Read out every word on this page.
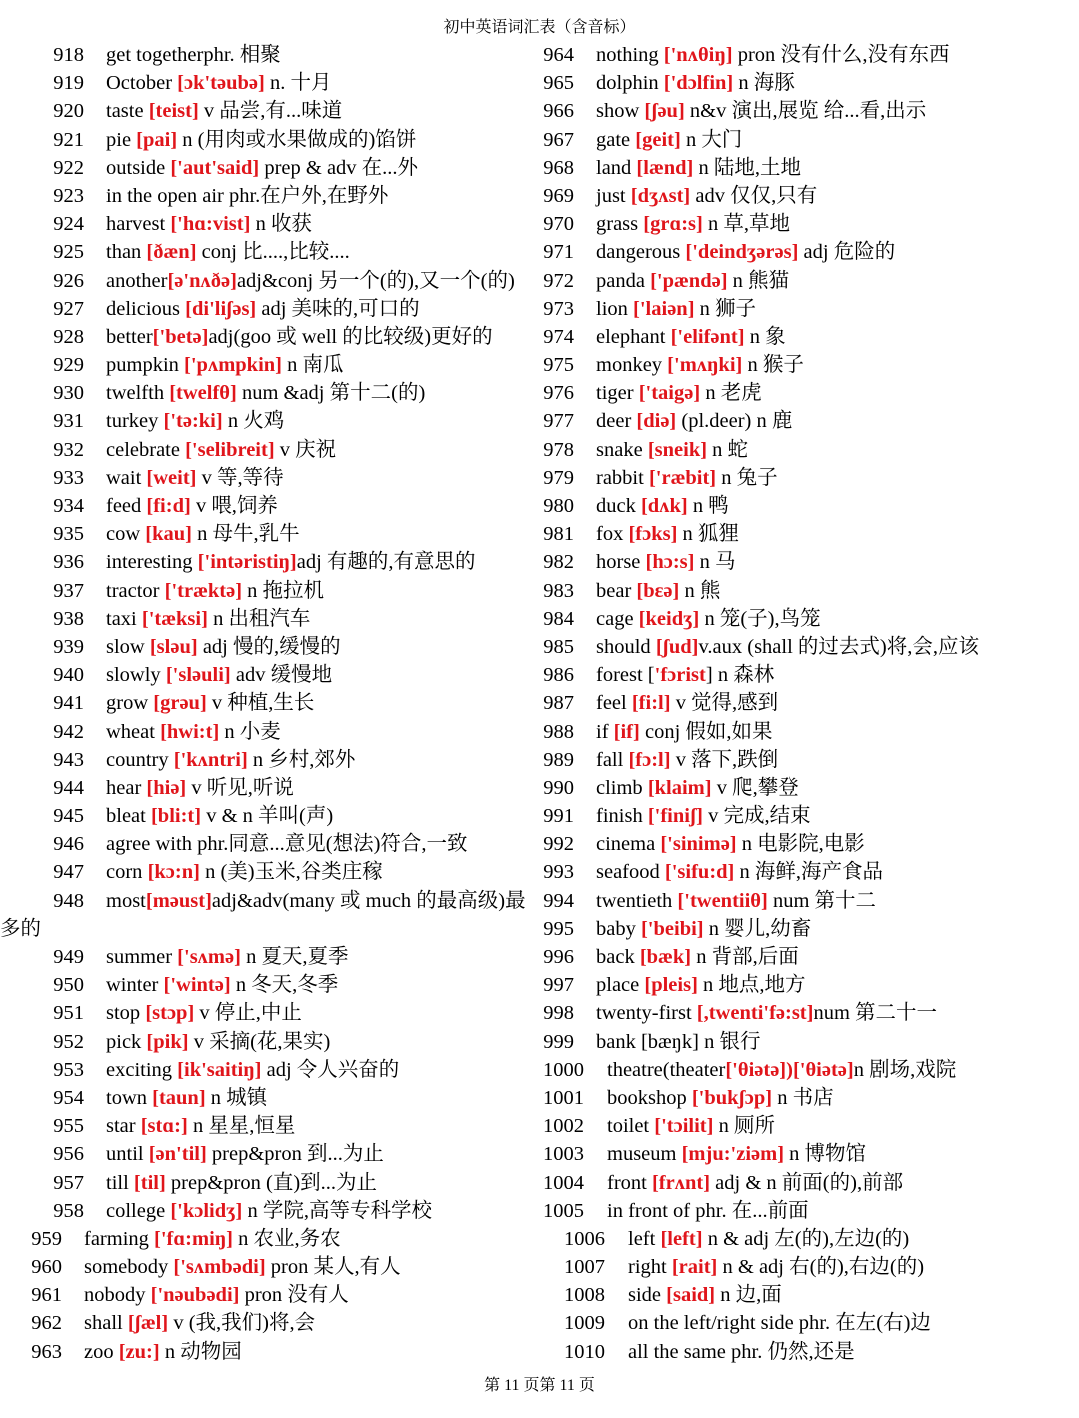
初中英语词汇表（含音标）
918 get togetherphr. 相聚
919 October [ɔk'təubə] n. 十月
920 taste [teist] v 品尝,有...味道
921 pie [pai] n (用肉或水果做成的)馅饼
922 outside ['aut'said] prep & adv 在...外
923 in the open air phr.在户外,在野外
924 harvest ['hɑ:vist] n 收获
925 than [ðæn] conj 比....,比较....
926 another[ə'nʌðə]adj&conj 另一个(的),又一个(的)
927 delicious [di'liʃəs] adj 美味的,可口的
928 better['betə]adj(goo 或 well 的比较级)更好的
929 pumpkin ['pʌmpkin] n 南瓜
930 twelfth [twelfθ] num &adj 第十二(的)
931 turkey ['tə:ki] n 火鸡
932 celebrate ['selibreit] v 庆祝
933 wait [weit] v 等,等待
934 feed [fi:d] v 喂,饲养
935 cow [kau] n 母牛,乳牛
936 interesting ['intəristiŋ]adj 有趣的,有意思的
937 tractor ['træktə] n 拖拉机
938 taxi ['tæksi] n 出租汽车
939 slow [sləu] adj 慢的,缓慢的
940 slowly ['sləuli] adv 缓慢地
941 grow [grəu] v 种植,生长
942 wheat [hwi:t] n 小麦
943 country ['kʌntri] n 乡村,郊外
944 hear [hiə] v 听见,听说
945 bleat [bli:t] v & n 羊叫(声)
946 agree with phr.同意...意见(想法)符合,一致
947 corn [kɔ:n] n (美)玉米,谷类庄稼
948 most[məust]adj&adv(many 或 much 的最高级)最
多的
949 summer ['sʌmə] n 夏天,夏季
950 winter ['wintə] n 冬天,冬季
951 stop [stɔp] v 停止,中止
952 pick [pik] v 采摘(花,果实)
953 exciting [ik'saitiŋ] adj 令人兴奋的
954 town [taun] n 城镇
955 star [stɑ:] n 星星,恒星
956 until [ən'til] prep&pron 到...为止
957 till [til] prep&pron (直)到...为止
958 college ['kɔlidʒ] n 学院,高等专科学校
959 farming ['fɑ:miŋ] n 农业,务农
960 somebody ['sʌmbədi] pron 某人,有人
961 nobody ['nəubədi] pron 没有人
962 shall [ʃæl] v (我,我们)将,会
963 zoo [zu:] n 动物园
964 nothing ['nʌθiŋ] pron 没有什么,没有东西
965 dolphin ['dɔlfin] n 海豚
966 show [ʃəu] n&v 演出,展览 给...看,出示
967 gate [geit] n 大门
968 land [lænd] n 陆地,土地
969 just [dʒʌst] adv 仅仅,只有
970 grass [grɑ:s] n 草,草地
971 dangerous ['deindʒərəs] adj 危险的
972 panda ['pændə] n 熊猫
973 lion ['laiən] n 狮子
974 elephant ['elifənt] n 象
975 monkey ['mʌŋki] n 猴子
976 tiger ['taigə] n 老虎
977 deer [diə] (pl.deer) n 鹿
978 snake [sneik] n 蛇
979 rabbit ['ræbit] n 兔子
980 duck [dʌk] n 鸭
981 fox [fɔks] n 狐狸
982 horse [hɔ:s] n 马
983 bear [bεə] n 熊
984 cage [keidʒ] n 笼(子),鸟笼
985 should [ʃud]v.aux (shall 的过去式)将,会,应该
986 forest ['fɔrist] n 森林
987 feel [fi:l] v 觉得,感到
988 if [if] conj 假如,如果
989 fall [fɔ:l] v 落下,跌倒
990 climb [klaim] v 爬,攀登
991 finish ['finiʃ] v 完成,结束
992 cinema ['sinimə] n 电影院,电影
993 seafood ['sifu:d] n 海鲜,海产食品
994 twentieth ['twentiiθ] num 第十二
995 baby ['beibi] n 婴儿,幼畜
996 back [bæk] n 背部,后面
997 place [pleis] n 地点,地方
998 twenty-first [,twenti'fə:st]num 第二十一
999 bank [bæŋk] n 银行
1000 theatre(theater['θiətə])['θiətə]n 剧场,戏院
1001 bookshop ['bukʃɔp] n 书店
1002 toilet ['tɔilit] n 厕所
1003 museum [mju:'ziəm] n 博物馆
1004 front [frʌnt] adj & n 前面(的),前部
1005 in front of phr. 在...前面
1006 left [left] n & adj 左(的),左边(的)
1007 right [rait] n & adj 右(的),右边(的)
1008 side [said] n 边,面
1009 on the left/right side phr. 在左(右)边
1010 all the same phr. 仍然,还是
第 11 页第 11 页
